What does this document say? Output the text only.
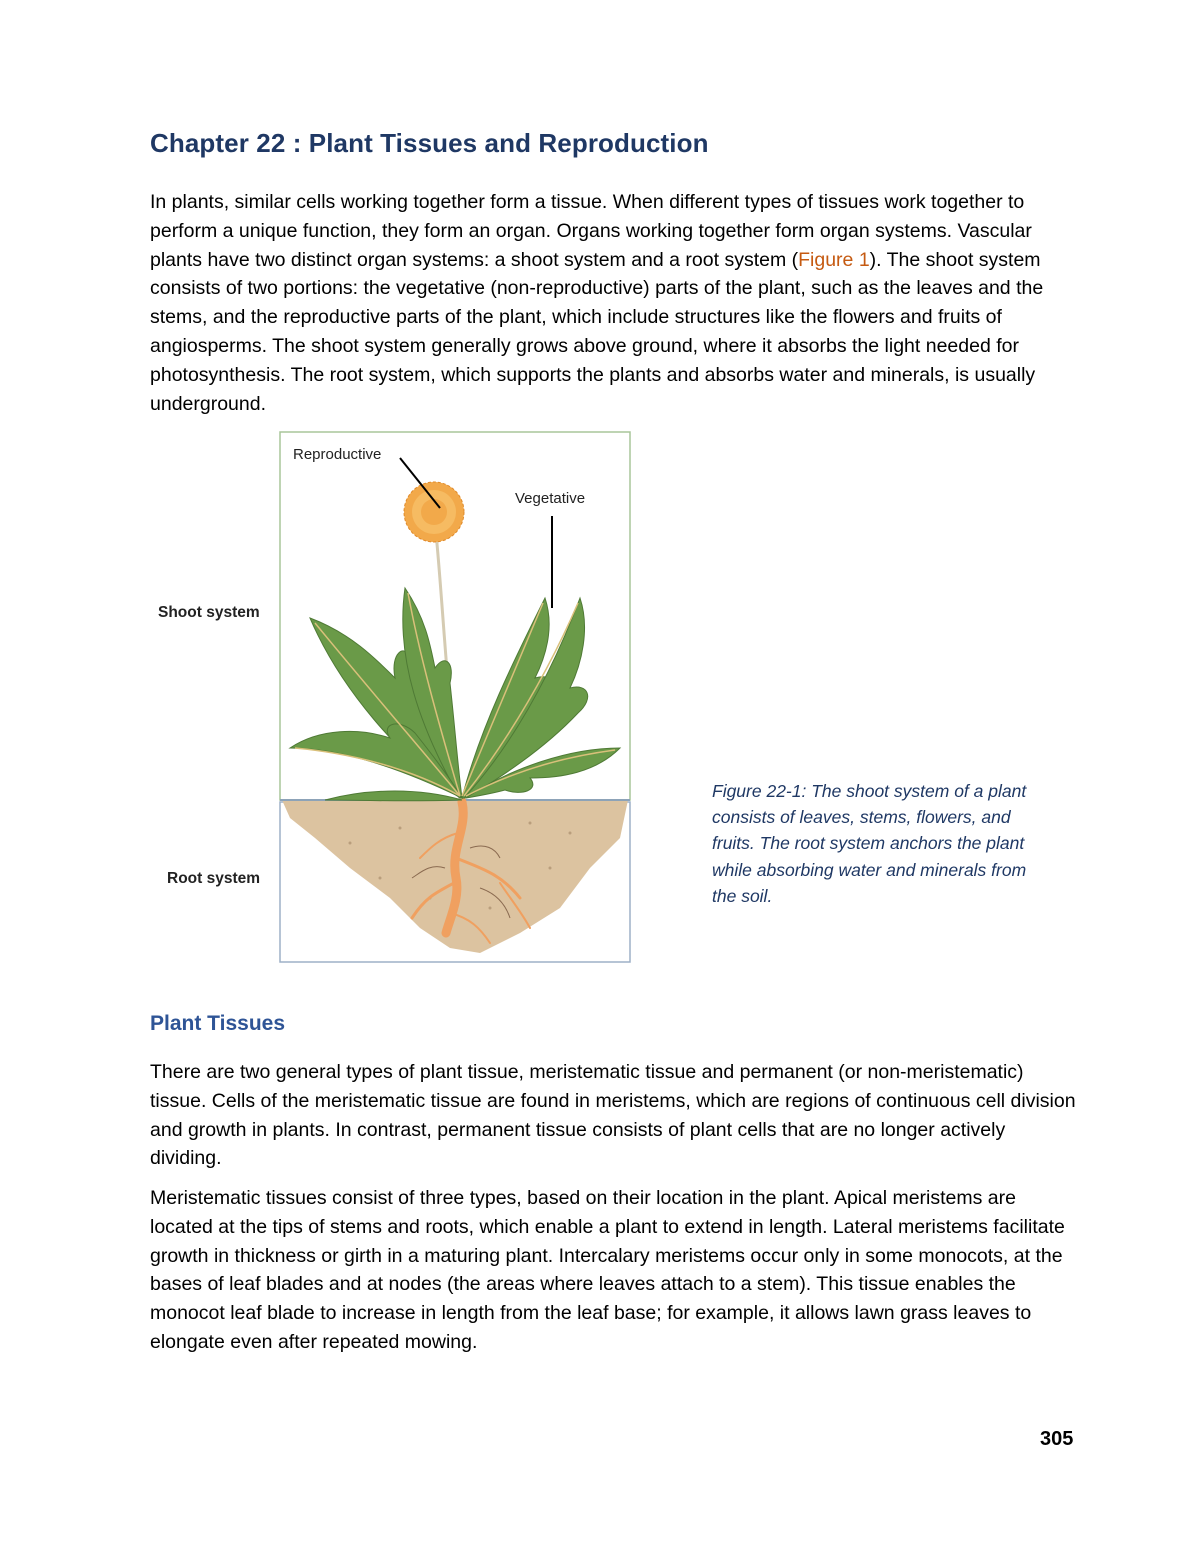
Chapter 22 : Plant Tissues and Reproduction

In plants, similar cells working together form a tissue. When different types of tissues work together to perform a unique function, they form an organ. Organs working together form organ systems. Vascular plants have two distinct organ systems: a shoot system and a root system (Figure 1). The shoot system consists of two portions: the vegetative (non-reproductive) parts of the plant, such as the leaves and the stems, and the reproductive parts of the plant, which include structures like the flowers and fruits of angiosperms. The shoot system generally grows above ground, where it absorbs the light needed for photosynthesis. The root system, which supports the plants and absorbs water and minerals, is usually underground.

Reproductive
Vegetative
Shoot system
Root system

Figure 22-1: The shoot system of a plant consists of leaves, stems, flowers, and fruits. The root system anchors the plant while absorbing water and minerals from the soil.

Plant Tissues

There are two general types of plant tissue, meristematic tissue and permanent (or non-meristematic) tissue. Cells of the meristematic tissue are found in meristems, which are regions of continuous cell division and growth in plants. In contrast, permanent tissue consists of plant cells that are no longer actively dividing.

Meristematic tissues consist of three types, based on their location in the plant. Apical meristems are located at the tips of stems and roots, which enable a plant to extend in length. Lateral meristems facilitate growth in thickness or girth in a maturing plant. Intercalary meristems occur only in some monocots, at the bases of leaf blades and at nodes (the areas where leaves attach to a stem). This tissue enables the monocot leaf blade to increase in length from the leaf base; for example, it allows lawn grass leaves to elongate even after repeated mowing.

305
